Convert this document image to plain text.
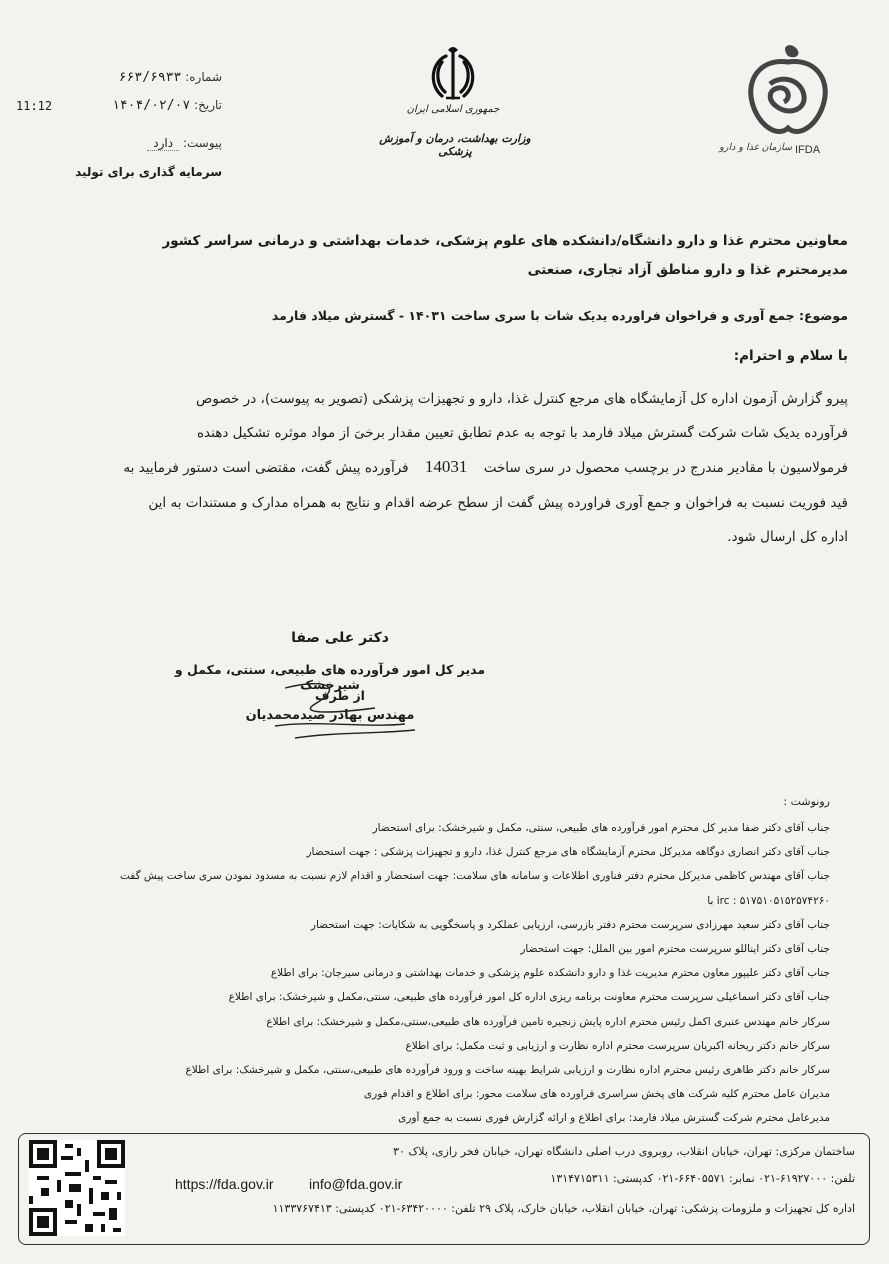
شماره: ۶۶۳/۶۹۳۳
تاریخ: ۱۴۰۴/۰۲/۰۷
11:12
پیوست: دارد
سرمایه گذاری برای تولید
جمهوری اسلامی ایران
وزارت بهداشت، درمان و آموزش پزشکی	IFDA
سازمان غذا و دارو
معاونین محترم غذا و دارو دانشگاه/دانشکده های علوم پزشکی، خدمات بهداشتی و درمانی سراسر کشور
مدیرمحترم غذا و دارو مناطق آزاد تجاری، صنعتی
موضوع: جمع آوری و فراخوان فراورده یدیک شات با سری ساخت ۱۴۰۳۱ - گسترش میلاد فارمد
با سلام و احترام:
پیرو گزارش آزمون اداره کل آزمایشگاه های مرجع کنترل غذا، دارو و تجهیزات پزشکی (تصویر به پیوست)، در خصوص
فرآورده یدیک شات شرکت گسترش میلاد فارمد با توجه به عدم تطابق تعیین مقدار برخیَ از مواد موثره تشکیل دهنده
فرمولاسیون با مقادیر مندرج در برچسب محصول در سری ساخت 14031 فرآورده پیش گفت، مقتضی است دستور فرمایید به
قید فوریت نسبت به فراخوان و جمع آوری فراورده پیش گفت از سطح عرضه اقدام و نتایج به همراه مدارک و مستندات به این
اداره کل ارسال شود.
دکتر علی صفا
مدیر کل امور فرآورده های طبیعی، سنتی، مکمل و شیرخشک
از طرف
مهندس بهادر صیدمحمدیان
رونوشت :
جناب آقای دکتر صفا مدیر کل محترم امور فرآورده های طبیعی، سنتی، مکمل و شیرخشک: برای استحضار
جناب آقای دکتر انصاری دوگاهه مدیرکل محترم آزمایشگاه های مرجع کنترل غذا، دارو و تجهیزات پزشکی : جهت استحضار
جناب آقای مهندس کاظمی مدیرکل محترم دفتر فناوری اطلاعات و سامانه های سلامت: جهت استحضار و اقدام لازم نسبت به مسدود نمودن سری ساخت پیش گفت
irc : ۵۱۷۵۱۰۵۱۵۲۵۷۴۲۶۰ با
جناب آقای دکتر سعید مهرزادی سرپرست محترم دفتر بازرسی، ارزیابی عملکرد و پاسخگویی به شکایات: جهت استحضار
جناب آقای دکتر ایناللو سرپرست محترم امور بین الملل: جهت استحضار
جناب آقای دکتر علیپور معاون محترم مدیریت غذا و دارو دانشکده علوم پزشکی و خدمات بهداشتی و درمانی سیرجان: برای اطلاع
جناب آقای دکتر اسماعیلی سرپرست محترم معاونت برنامه ریزی اداره کل امور فرآورده های طبیعی، سنتی،مکمل و شیرخشک: برای اطلاع
سرکار خانم مهندس عنبری اکمل رئیس محترم اداره پایش زنجیره تامین فرآورده های طبیعی،سنتی،مکمل و شیرخشک: برای اطلاع
سرکار خانم دکتر ریحانه اکبریان سرپرست محترم اداره نظارت و ارزیابی و ثبت مکمل: برای اطلاع
سرکار خانم دکتر طاهری رئیس محترم اداره نظارت و ارزیابی شرایط بهینه ساخت و ورود فرآورده های طبیعی،سنتی، مکمل و شیرخشک: برای اطلاع
مدیران عامل محترم کلیه شرکت های پخش سراسری فراورده های سلامت محور: برای اطلاع و اقدام فوری
مدیرعامل محترم شرکت گسترش میلاد فارمد: برای اطلاع و ارائه گزارش فوری نسبت به جمع آوری
ساختمان مرکزی: تهران، خیابان انقلاب، روبروی درب اصلی دانشگاه تهران، خیابان فخر رازی، پلاک ۳۰
تلفن: ۶۱۹۲۷۰۰۰-۰۲۱ نمابر: ۶۶۴۰۵۵۷۱-۰۲۱ کدپستی: ۱۳۱۴۷۱۵۳۱۱
https://fda.gov.ir	info@fda.gov.ir
اداره کل تجهیزات و ملزومات پزشکی: تهران، خیابان انقلاب، خیابان خارک، پلاک ۲۹ تلفن: ۶۳۴۲۰۰۰۰-۰۲۱ کدپستی: ۱۱۳۳۷۶۷۴۱۳
